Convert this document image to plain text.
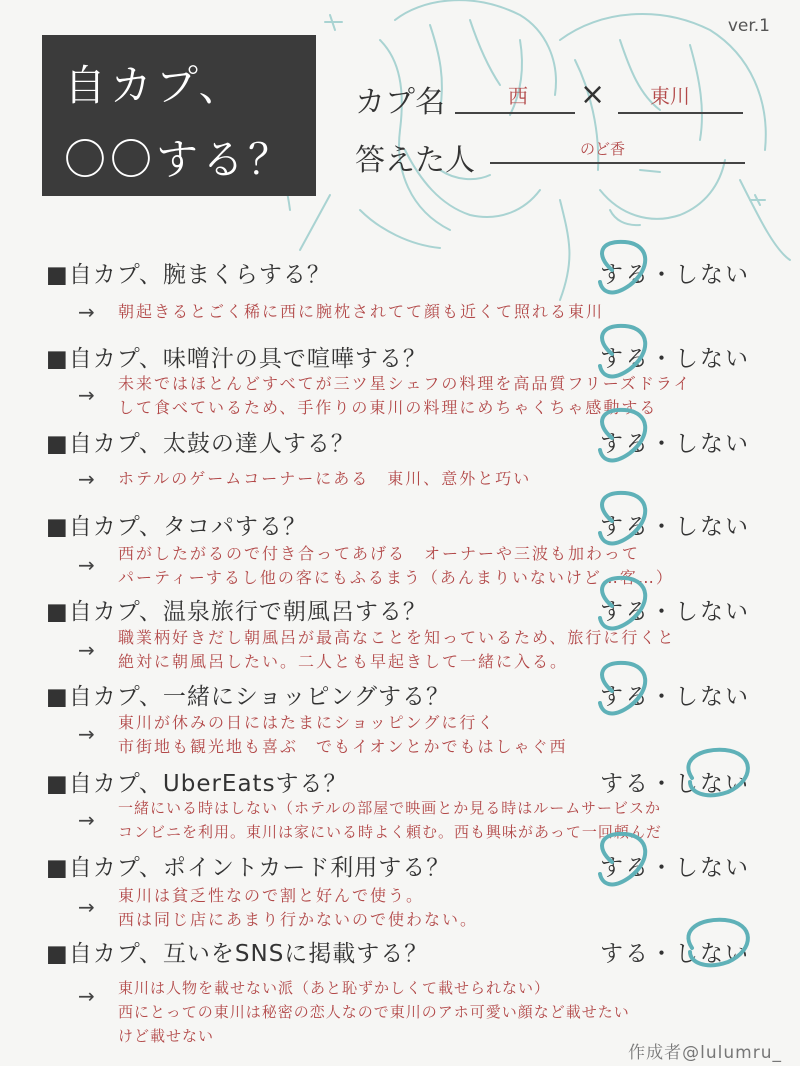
自カプ、
〇〇する？
ver.1
カプ名	西 × 東川
答えた人	のど香
■自カプ、腕まくらする？	する・しない
→ 朝起きるとごく稀に西に腕枕されてて顔も近くて照れる東川
■自カプ、味噌汁の具で喧嘩する？	する・しない
→ 未来ではほとんどすべてが三ツ星シェフの料理を高品質フリーズドライ
して食べているため、手作りの東川の料理にめちゃくちゃ感動する
■自カプ、太鼓の達人する？	する・しない
→ ホテルのゲームコーナーにある　東川、意外と巧い
■自カプ、タコパする？	する・しない
→ 西がしたがるので付き合ってあげる　オーナーや三波も加わって
パーティーするし他の客にもふるまう（あんまりいないけど…客…）
■自カプ、温泉旅行で朝風呂する？	する・しない
→
職業柄好きだし朝風呂が最高なことを知っているため、旅行に行くと
絶対に朝風呂したい。二人とも早起きして一緒に入る。
■自カプ、一緒にショッピングする？	する・しない
→ 東川が休みの日にはたまにショッピングに行く
市街地も観光地も喜ぶ　でもイオンとかでもはしゃぐ西
■自カプ、UberEatsする？	する・しない
→ 一緒にいる時はしない（ホテルの部屋で映画とか見る時はルームサービスか
コンビニを利用。東川は家にいる時よく頼む。西も興味があって一回頼んだ
■自カプ、ポイントカード利用する？	する・しない
→ 東川は貧乏性なので割と好んで使う。
西は同じ店にあまり行かないので使わない。
■自カプ、互いをSNSに掲載する？	する・しない
→ 東川は人物を載せない派（あと恥ずかしくて載せられない）
西にとっての東川は秘密の恋人なので東川のアホ可愛い顔など載せたい
けど載せない
作成者@lulumru_
